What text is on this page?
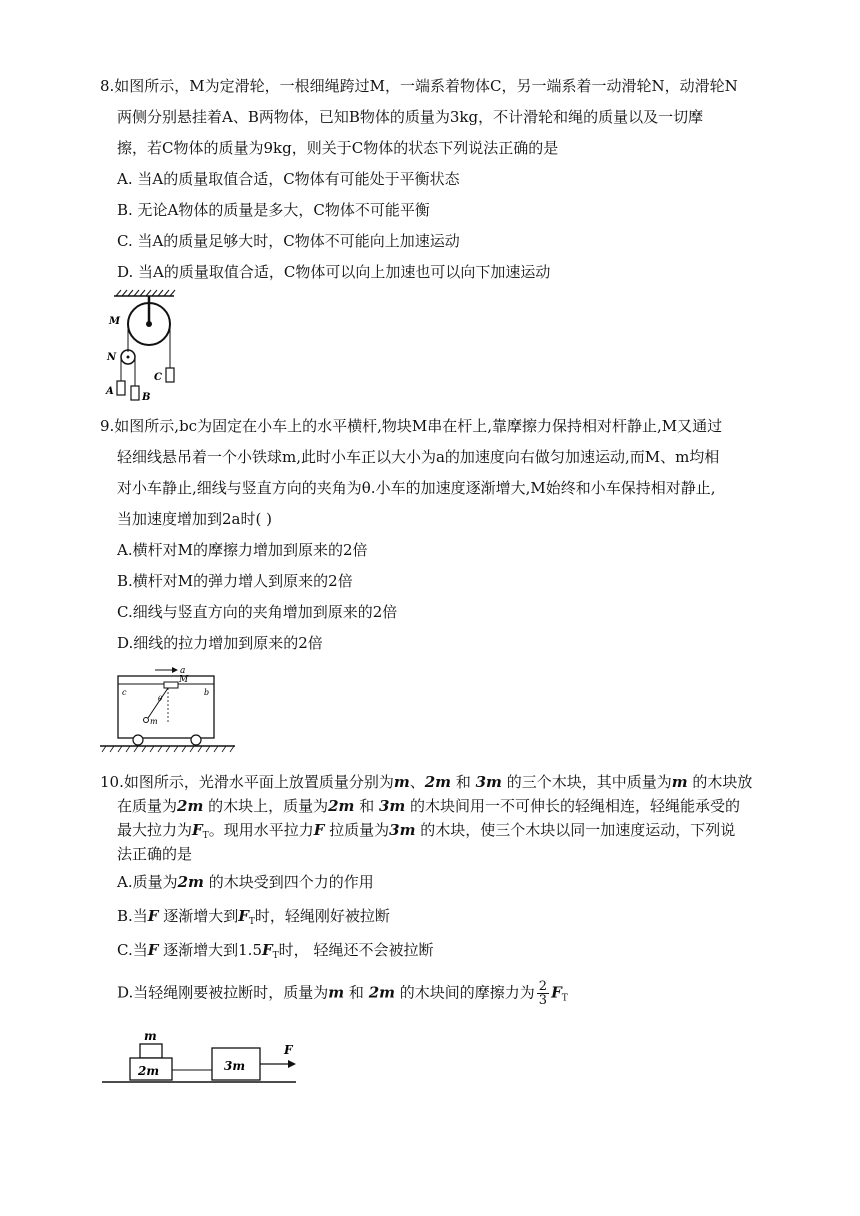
8.如图所示，M为定滑轮，一根细绳跨过M，一端系着物体C，另一端系着一动滑轮N，动滑轮N
两侧分别悬挂着A、B两物体，已知B物体的质量为3kg，不计滑轮和绳的质量以及一切摩
擦，若C物体的质量为9kg，则关于C物体的状态下列说法正确的是
A. 当A的质量取值合适，C物体有可能处于平衡状态
B. 无论A物体的质量是多大，C物体不可能平衡
C. 当A的质量足够大时，C物体不可能向上加速运动
D. 当A的质量取值合适，C物体可以向上加速也可以向下加速运动
M
N
A
B
C
9.如图所示,bc为固定在小车上的水平横杆,物块M串在杆上,靠摩擦力保持相对杆静止,M又通过
轻细线悬吊着一个小铁球m,此时小车正以大小为a的加速度向右做匀加速运动,而M、m均相
对小车静止,细线与竖直方向的夹角为θ.小车的加速度逐渐增大,M始终和小车保持相对静止,
当加速度增加到2a时( )
A.横杆对M的摩擦力增加到原来的2倍
B.横杆对M的弹力增人到原来的2倍
C.细线与竖直方向的夹角增加到原来的2倍
D.细线的拉力增加到原来的2倍
a
M
c	b
θ
m
10.如图所示，光滑水平面上放置质量分别为m、2m 和 3m 的三个木块，其中质量为m 的木块放
在质量为2m 的木块上，质量为2m 和 3m 的木块间用一不可伸长的轻绳相连，轻绳能承受的
最大拉力为$F_T$。现用水平拉力F 拉质量为3m 的木块，使三个木块以同一加速度运动，下列说
法正确的是
A.质量为2m 的木块受到四个力的作用
B.当F 逐渐增大到$F_T$时，轻绳刚好被拉断
C.当F 逐渐增大到$1.5F_T$时， 轻绳还不会被拉断
D.当轻绳刚要被拉断时，质量为m 和 2m 的木块间的摩擦力为 $\frac{2}{3} F_T$
m
2m	3m
F
